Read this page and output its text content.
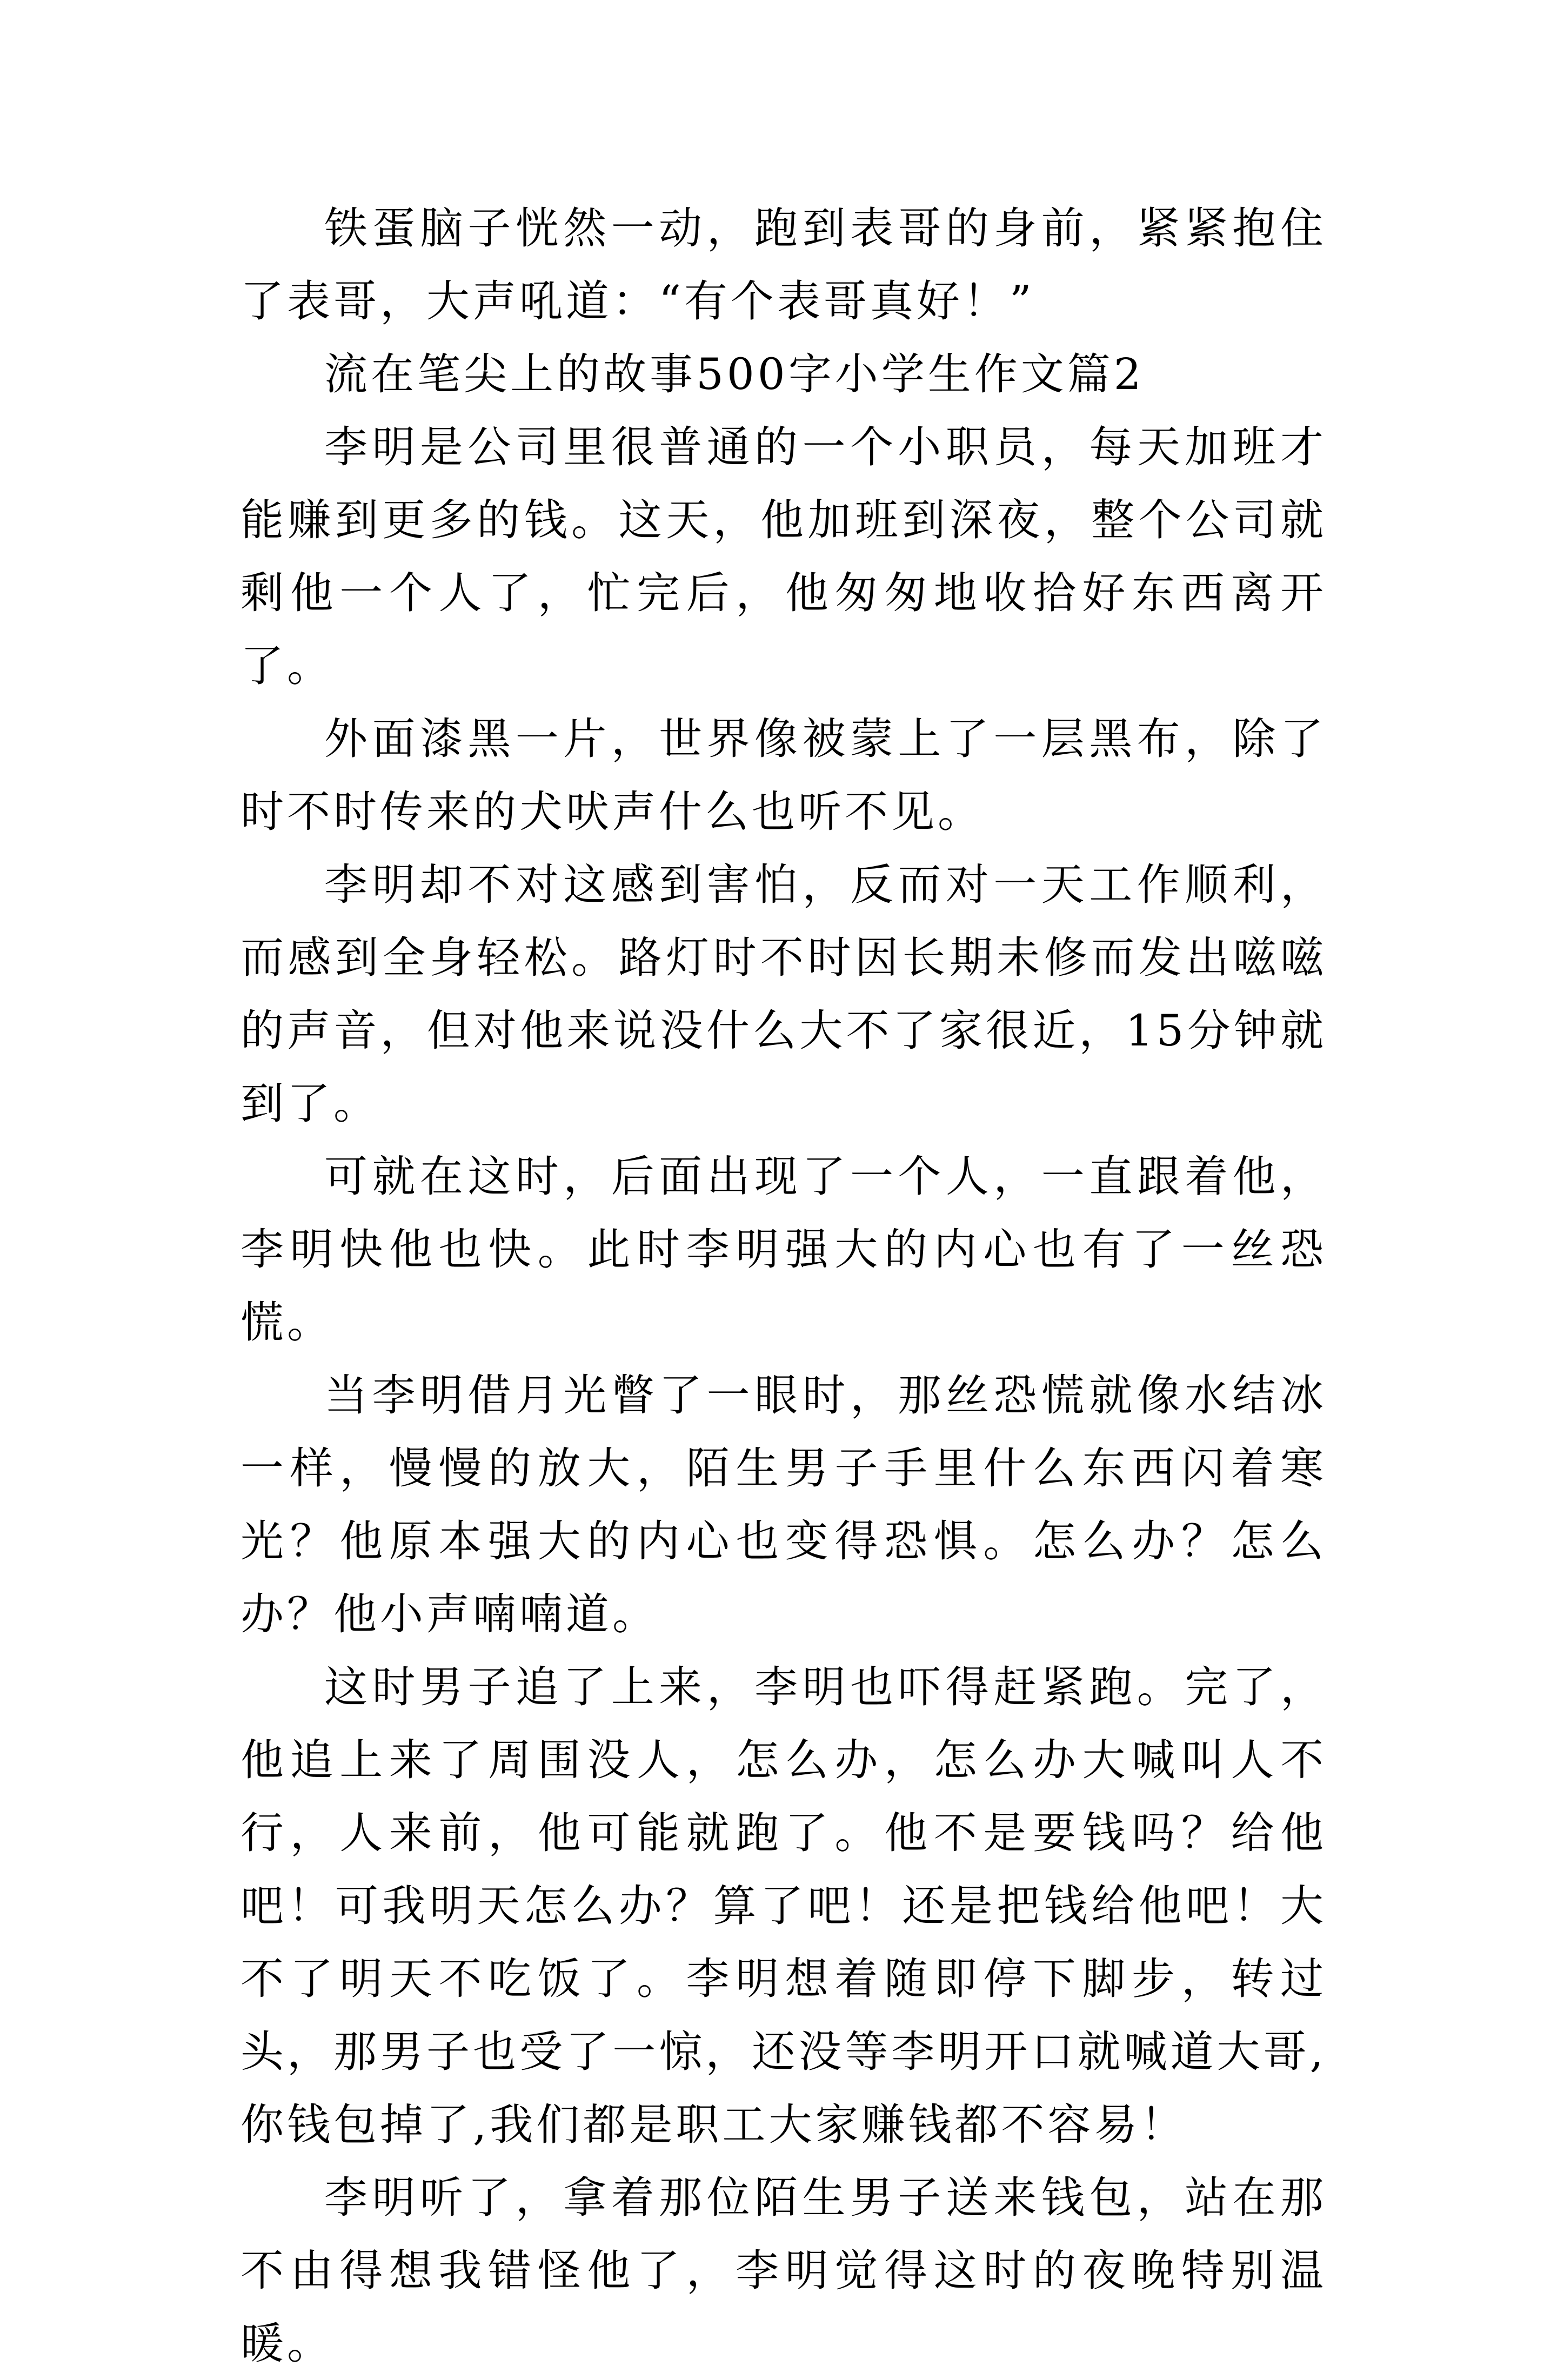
铁蛋脑子恍然一动，跑到表哥的身前，紧紧抱住了表哥，大声吼道：“有个表哥真好！”

流在笔尖上的故事500字小学生作文篇2

李明是公司里很普通的一个小职员，每天加班才能赚到更多的钱。这天，他加班到深夜，整个公司就剩他一个人了，忙完后，他匆匆地收拾好东西离开了。

外面漆黑一片，世界像被蒙上了一层黑布，除了时不时传来的犬吠声什么也听不见。

李明却不对这感到害怕，反而对一天工作顺利，而感到全身轻松。路灯时不时因长期未修而发出嗞嗞的声音，但对他来说没什么大不了家很近，15分钟就到了。

可就在这时，后面出现了一个人，一直跟着他，李明快他也快。此时李明强大的内心也有了一丝恐慌。

当李明借月光瞥了一眼时，那丝恐慌就像水结冰一样，慢慢的放大，陌生男子手里什么东西闪着寒光？他原本强大的内心也变得恐惧。怎么办？怎么办？他小声喃喃道。

这时男子追了上来，李明也吓得赶紧跑。完了，他追上来了周围没人，怎么办，怎么办大喊叫人不行，人来前，他可能就跑了。他不是要钱吗？给他吧！可我明天怎么办？算了吧！还是把钱给他吧！大不了明天不吃饭了。李明想着随即停下脚步，转过头，那男子也受了一惊，还没等李明开口就喊道大哥,你钱包掉了,我们都是职工大家赚钱都不容易！

李明听了，拿着那位陌生男子送来钱包，站在那不由得想我错怪他了，李明觉得这时的夜晚特别温暖。
